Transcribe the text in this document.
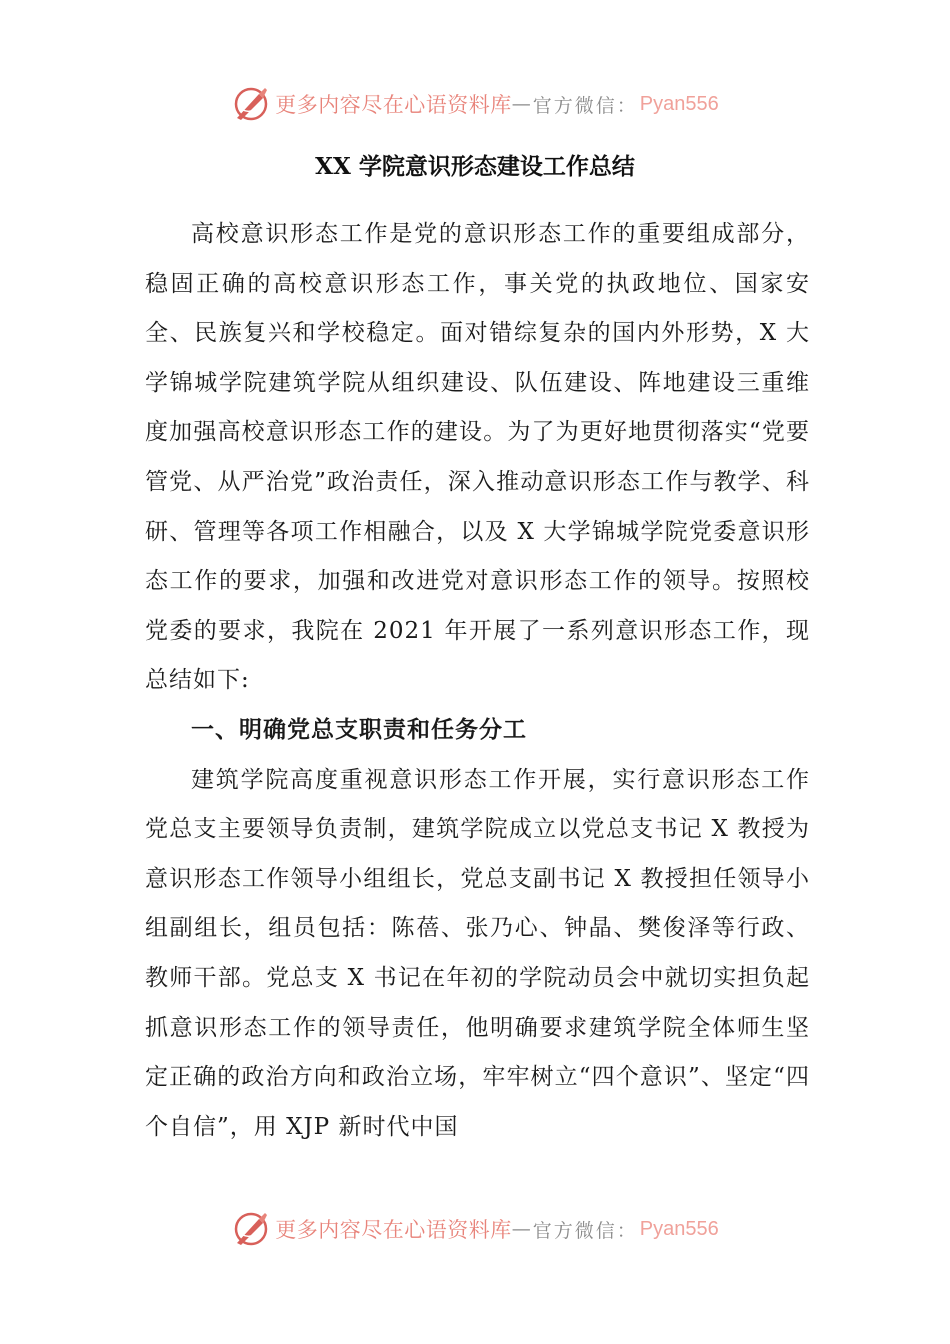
更多内容尽在心语资料库 — 官方微信： Pyan556
XX 学院意识形态建设工作总结

高校意识形态工作是党的意识形态工作的重要组成部分，稳固正确的高校意识形态工作，事关党的执政地位、国家安全、民族复兴和学校稳定。面对错综复杂的国内外形势，X 大学锦城学院建筑学院从组织建设、队伍建设、阵地建设三重维度加强高校意识形态工作的建设。为了为更好地贯彻落实“党要管党、从严治党”政治责任，深入推动意识形态工作与教学、科研、管理等各项工作相融合，以及 X 大学锦城学院党委意识形态工作的要求，加强和改进党对意识形态工作的领导。按照校党委的要求，我院在 2021 年开展了一系列意识形态工作，现总结如下:

一、明确党总支职责和任务分工

建筑学院高度重视意识形态工作开展，实行意识形态工作党总支主要领导负责制，建筑学院成立以党总支书记 X 教授为意识形态工作领导小组组长，党总支副书记 X 教授担任领导小组副组长，组员包括：陈蓓、张乃心、钟晶、樊俊泽等行政、教师干部。党总支 X 书记在年初的学院动员会中就切实担负起抓意识形态工作的领导责任，他明确要求建筑学院全体师生坚定正确的政治方向和政治立场，牢牢树立“四个意识”、坚定“四个自信”，用 XJP 新时代中国

更多内容尽在心语资料库 — 官方微信： Pyan556
